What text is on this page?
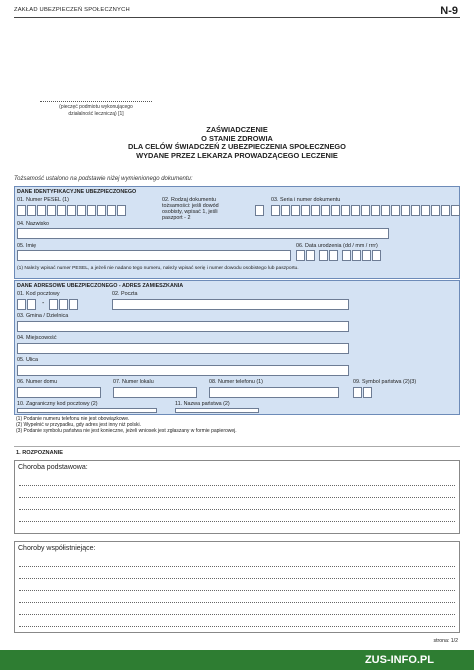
ZAKŁAD UBEZPIECZEŃ SPOŁECZNYCH	N-9
(pieczęć podmiotu wykonującego
działalność leczniczą) [1]
ZAŚWIADCZENIE
O STANIE ZDROWIA
DLA CELÓW ŚWIADCZEŃ Z UBEZPIECZENIA SPOŁECZNEGO
WYDANE PRZEZ LEKARZA PROWADZĄCEGO LECZENIE
Tożsamość ustalono na podstawie niżej wymienionego dokumentu:
DANE IDENTYFIKACYJNE UBEZPIECZONEGO
01. Numer PESEL (1)	02. Rodzaj dokumentu
tożsamości: jeśli dowód
osobisty, wpisać 1, jeśli
paszport - 2
03. Seria i numer dokumentu
04. Nazwisko
05. Imię	06. Data urodzenia (dd / mm / rrrr)
(1) Należy wpisać numer PESEL, a jeżeli nie nadano tego numeru, należy wpisać serię i numer dowodu osobistego lub paszportu.
DANE ADRESOWE UBEZPIECZONEGO - ADRES ZAMIESZKANIA
01. Kod pocztowy
-
02. Poczta
03. Gmina / Dzielnica
04. Miejscowość
05. Ulica
06. Numer domu	07. Numer lokalu	08. Numer telefonu (1)	09. Symbol państwa (2)(3)
10. Zagraniczny kod pocztowy (2)	11. Nazwa państwa (2)
(1) Podanie numeru telefonu nie jest obowiązkowe.
(2) Wypełnić w przypadku, gdy adres jest inny niż polski.
(3) Podanie symbolu państwa nie jest konieczne, jeżeli wniosek jest zgłaszany w formie papierowej.
1. ROZPOZNANIE
Choroba podstawowa:
Choroby współistniejące:
strona: 1/2
ZUS-INFO.PL
